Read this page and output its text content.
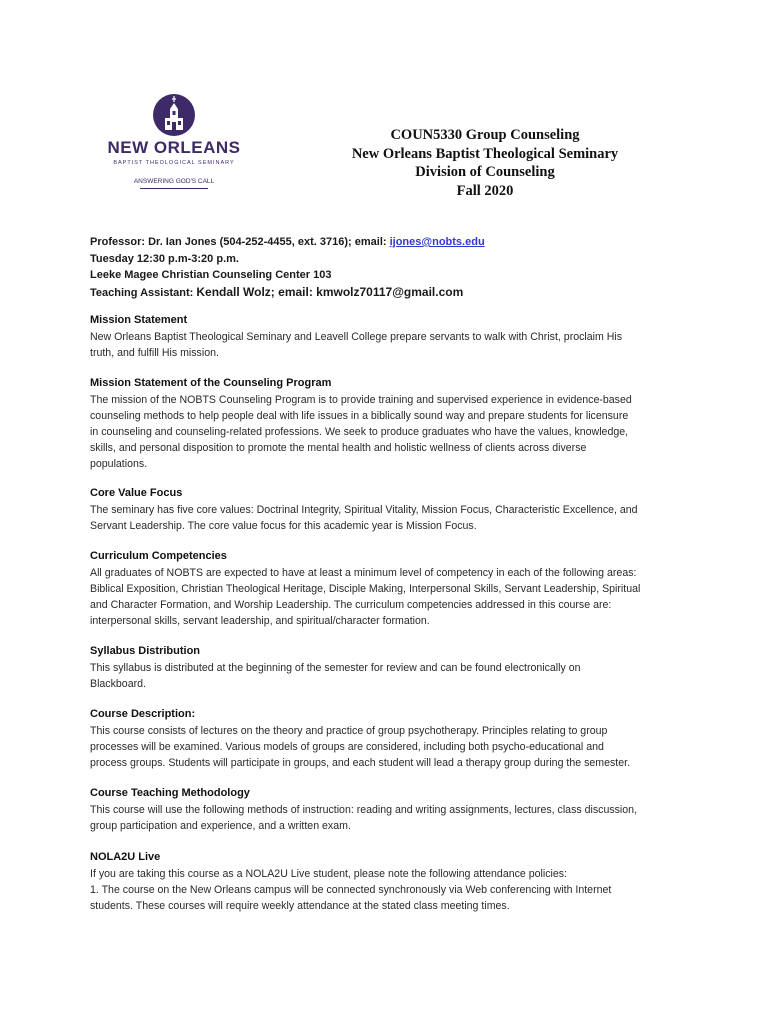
NEW ORLEANS
BAPTIST THEOLOGICAL SEMINARY
ANSWERING GOD'S CALL
COUN5330 Group Counseling
New Orleans Baptist Theological Seminary
Division of Counseling
Fall 2020
Professor: Dr. Ian Jones (504-252-4455, ext. 3716); email: ijones@nobts.edu
Tuesday 12:30 p.m-3:20 p.m.
Leeke Magee Christian Counseling Center 103
Teaching Assistant: Kendall Wolz; email: kmwolz70117@gmail.com
Mission Statement

New Orleans Baptist Theological Seminary and Leavell College prepare servants to walk with Christ, proclaim His
truth, and fulfill His mission.

Mission Statement of the Counseling Program

The mission of the NOBTS Counseling Program is to provide training and supervised experience in evidence-based
counseling methods to help people deal with life issues in a biblically sound way and prepare students for licensure
in counseling and counseling-related professions. We seek to produce graduates who have the values, knowledge,
skills, and personal disposition to promote the mental health and holistic wellness of clients across diverse
populations.

Core Value Focus

The seminary has five core values: Doctrinal Integrity, Spiritual Vitality, Mission Focus, Characteristic Excellence, and
Servant Leadership. The core value focus for this academic year is Mission Focus.

Curriculum Competencies

All graduates of NOBTS are expected to have at least a minimum level of competency in each of the following areas:
Biblical Exposition, Christian Theological Heritage, Disciple Making, Interpersonal Skills, Servant Leadership, Spiritual
and Character Formation, and Worship Leadership. The curriculum competencies addressed in this course are:
interpersonal skills, servant leadership, and spiritual/character formation.

Syllabus Distribution

This syllabus is distributed at the beginning of the semester for review and can be found electronically on
Blackboard.

Course Description:

This course consists of lectures on the theory and practice of group psychotherapy. Principles relating to group
processes will be examined. Various models of groups are considered, including both psycho-educational and
process groups. Students will participate in groups, and each student will lead a therapy group during the semester.

Course Teaching Methodology

This course will use the following methods of instruction: reading and writing assignments, lectures, class discussion,
group participation and experience, and a written exam.

NOLA2U Live

If you are taking this course as a NOLA2U Live student, please note the following attendance policies:
1. The course on the New Orleans campus will be connected synchronously via Web conferencing with Internet
students. These courses will require weekly attendance at the stated class meeting times.
